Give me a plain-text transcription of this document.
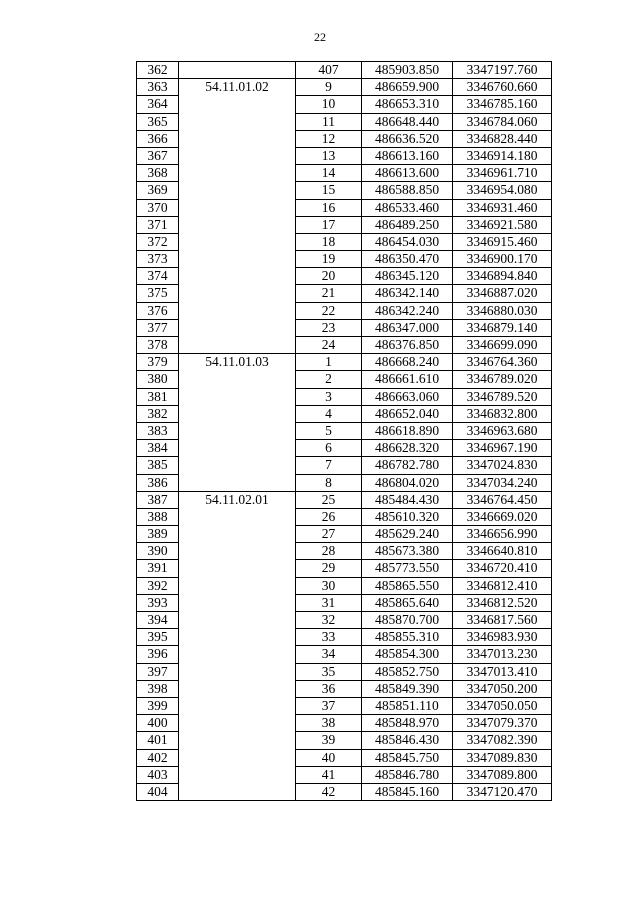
22
362		407	485903.850	3347197.760
363	54.11.01.02	9	486659.900	3346760.660
364		10	486653.310	3346785.160
365		11	486648.440	3346784.060
366		12	486636.520	3346828.440
367		13	486613.160	3346914.180
368		14	486613.600	3346961.710
369		15	486588.850	3346954.080
370		16	486533.460	3346931.460
371		17	486489.250	3346921.580
372		18	486454.030	3346915.460
373		19	486350.470	3346900.170
374		20	486345.120	3346894.840
375		21	486342.140	3346887.020
376		22	486342.240	3346880.030
377		23	486347.000	3346879.140
378		24	486376.850	3346699.090
379	54.11.01.03	1	486668.240	3346764.360
380		2	486661.610	3346789.020
381		3	486663.060	3346789.520
382		4	486652.040	3346832.800
383		5	486618.890	3346963.680
384		6	486628.320	3346967.190
385		7	486782.780	3347024.830
386		8	486804.020	3347034.240
387	54.11.02.01	25	485484.430	3346764.450
388		26	485610.320	3346669.020
389		27	485629.240	3346656.990
390		28	485673.380	3346640.810
391		29	485773.550	3346720.410
392		30	485865.550	3346812.410
393		31	485865.640	3346812.520
394		32	485870.700	3346817.560
395		33	485855.310	3346983.930
396		34	485854.300	3347013.230
397		35	485852.750	3347013.410
398		36	485849.390	3347050.200
399		37	485851.110	3347050.050
400		38	485848.970	3347079.370
401		39	485846.430	3347082.390
402		40	485845.750	3347089.830
403		41	485846.780	3347089.800
404		42	485845.160	3347120.470
